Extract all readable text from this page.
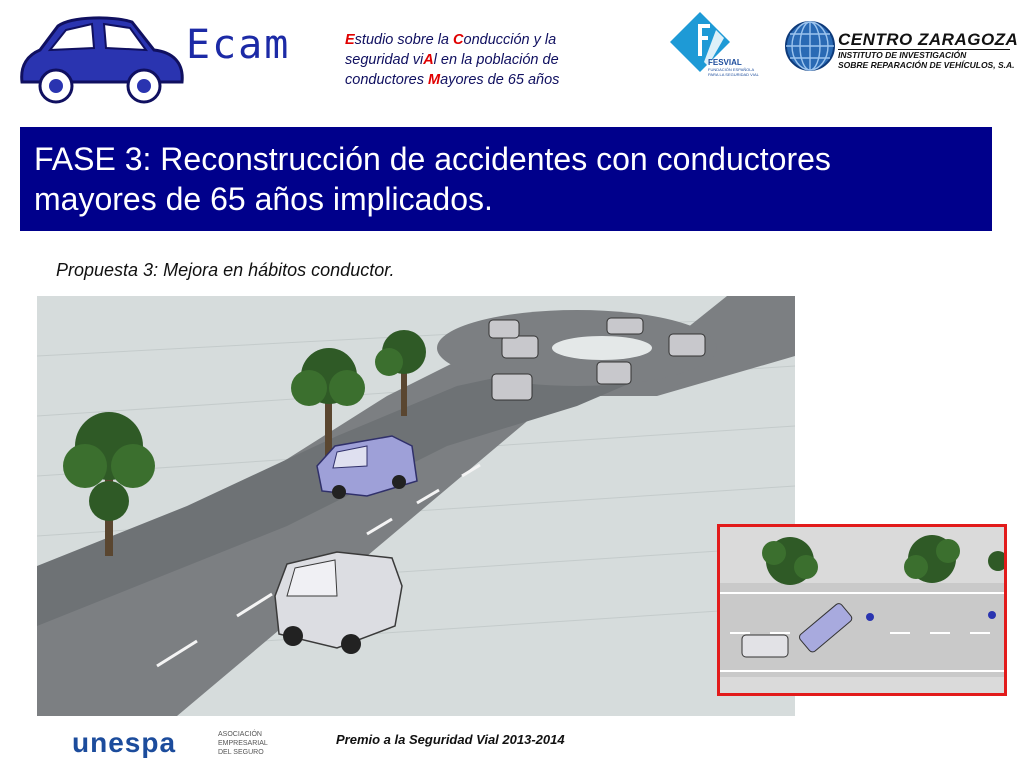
Ecam	Estudio sobre la Conducción y la
seguridad viAl en la población de
conductores Mayores de 65 años
FESVIAL
FUNDACIÓN ESPAÑOLA PARA LA SEGURIDAD VIAL
CENTRO ZARAGOZA
INSTITUTO DE INVESTIGACIÓN
SOBRE REPARACIÓN DE VEHÍCULOS, S.A.
FASE 3: Reconstrucción de accidentes con conductores
mayores de 65 años implicados.
Propuesta 3: Mejora en hábitos conductor.
unespa	ASOCIACIÓN
EMPRESARIAL
DEL SEGURO
Premio a la Seguridad Vial 2013-2014
